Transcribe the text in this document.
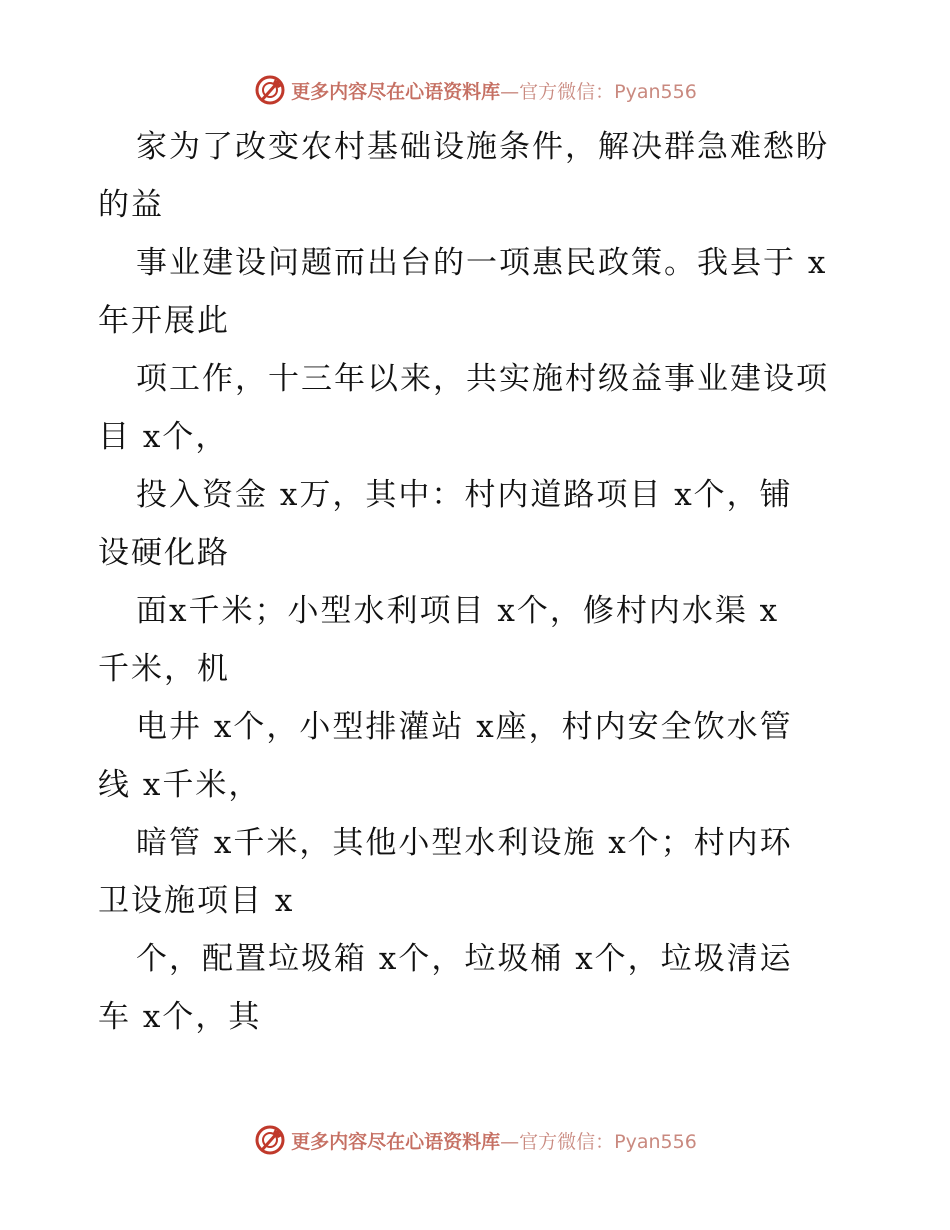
更多内容尽在心语资料库—官方微信：Pyan556
家为了改变农村基础设施条件，解决群急难愁盼
的益
事业建设问题而出台的一项惠民政策。我县于 x
年开展此
项工作，十三年以来，共实施村级益事业建设项
目 x个，
投入资金 x万，其中：村内道路项目 x个，铺
设硬化路
面x千米；小型水利项目 x个，修村内水渠 x
千米，机
电井 x个，小型排灌站 x座，村内安全饮水管
线 x千米，
暗管 x千米，其他小型水利设施 x个；村内环
卫设施项目 x
个，配置垃圾箱 x个，垃圾桶 x个，垃圾清运
车 x个，其
更多内容尽在心语资料库—官方微信：Pyan556
